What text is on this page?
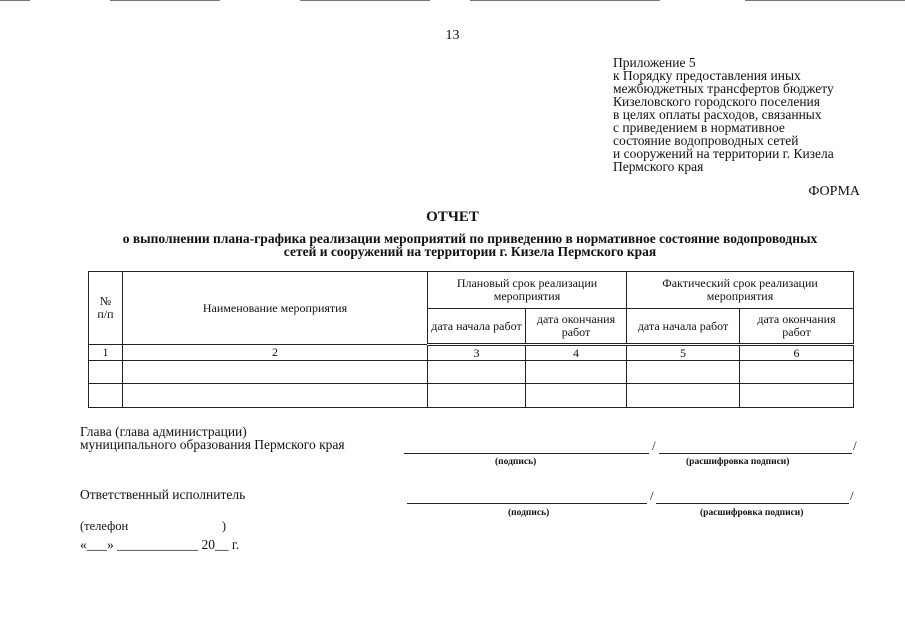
13
Приложение 5
к Порядку предоставления иных
межбюджетных трансфертов бюджету
Кизеловского городского поселения
в целях оплаты расходов, связанных
с приведением в нормативное
состояние водопроводных сетей
и сооружений на территории г. Кизела
Пермского края
ФОРМА
ОТЧЕТ
о выполнении плана-графика реализации мероприятий по приведению в нормативное состояние водопроводных
сетей и сооружений на территории г. Кизела Пермского края
№
п/п	Наименование мероприятия	Плановый срок реализации мероприятия		Фактический срок реализации мероприятия	
		дата начала работ	дата окончания работ	дата начала работ	дата окончания работ
1	2	3	4	5	6

Глава (глава администрации)
муниципального образования Пермского края	/	/
(подпись)	(расшифровка подписи)
Ответственный исполнитель	/	/
(подпись)	(расшифровка подписи)
(телефон                              )
«___» ____________ 20__ г.
